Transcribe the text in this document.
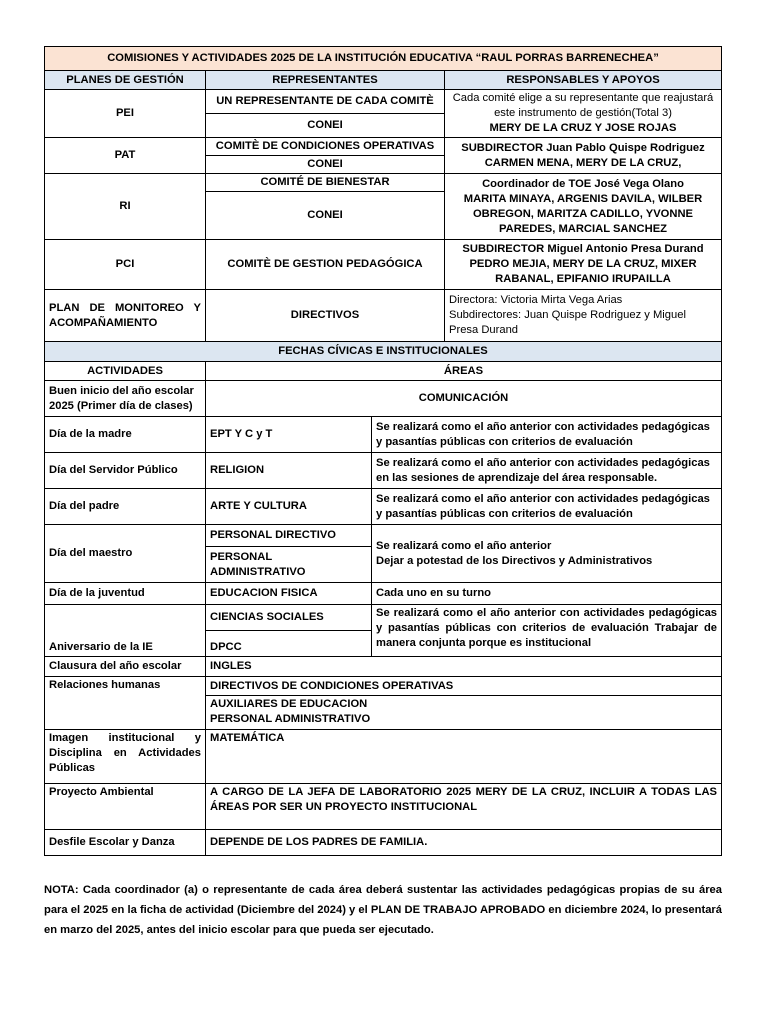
COMISIONES Y ACTIVIDADES 2025 DE LA INSTITUCIÓN EDUCATIVA “RAUL PORRAS BARRENECHEA”			
PLANES DE GESTIÓN	REPRESENTANTES		RESPONSABLES Y APOYOS
PEI	UN REPRESENTANTE DE CADA COMITÈ		Cada comité elige a su representante que reajustará este instrumento de gestión(Total 3)
MERY DE LA CRUZ Y JOSE ROJAS

	CONEI		
PAT	COMITÈ DE CONDICIONES OPERATIVAS		SUBDIRECTOR Juan Pablo Quispe Rodriguez
CARMEN MENA, MERY DE LA CRUZ,

	CONEI		
RI	COMITÉ DE BIENESTAR		Coordinador de TOE José Vega Olano
MARITA MINAYA, ARGENIS DAVILA, WILBER OBREGON, MARITZA CADILLO, YVONNE PAREDES, MARCIAL SANCHEZ

	CONEI		
PCI	COMITÈ DE GESTION PEDAGÓGICA		SUBDIRECTOR Miguel Antonio Presa Durand
PEDRO MEJIA, MERY DE LA CRUZ, MIXER RABANAL, EPIFANIO IRUPAILLA

PLAN DE MONITOREO Y ACOMPAÑAMIENTO	DIRECTIVOS		Directora: Victoria Mirta Vega Arias
Subdirectores: Juan Quispe Rodriguez y Miguel Presa Durand

FECHAS CÍVICAS E INSTITUCIONALES			
ACTIVIDADES	ÁREAS		
Buen inicio del año escolar 2025 (Primer día de clases)	COMUNICACIÓN		
Día de la madre	EPT Y C y T	Se realizará como el año anterior con actividades pedagógicas y pasantías públicas con criterios de evaluación	
Día del Servidor Público	RELIGION	Se realizará como el año anterior con actividades pedagógicas en las sesiones de aprendizaje del área responsable.	
Día del padre	ARTE Y CULTURA	Se realizará como el año anterior con actividades pedagógicas y pasantías públicas con criterios de evaluación	
Día del maestro	PERSONAL DIRECTIVO	Se realizará como el año anterior
Dejar a potestad de los Directivos y Administrativos	

	PERSONAL ADMINISTRATIVO		
Día de la juventud	EDUCACION FISICA	Cada uno en su turno	
Aniversario de la IE	CIENCIAS SOCIALES	Se realizará como el año anterior con actividades pedagógicas y pasantías públicas con criterios de evaluación Trabajar de manera conjunta porque es institucional	
	DPCC		
Clausura del año escolar	INGLES		
Relaciones humanas	DIRECTIVOS DE CONDICIONES OPERATIVAS		

	AUXILIARES DE EDUCACION
PERSONAL ADMINISTRATIVO		

Imagen institucional y Disciplina en Actividades Públicas	MATEMÁTICA		
Proyecto Ambiental	A CARGO DE LA JEFA DE LABORATORIO 2025 MERY DE LA CRUZ, INCLUIR A TODAS LAS ÁREAS POR SER UN PROYECTO INSTITUCIONAL		
Desfile Escolar y Danza	DEPENDE DE LOS PADRES DE FAMILIA.		

NOTA: Cada coordinador (a) o representante de cada área deberá sustentar las actividades pedagógicas propias de su área para el 2025 en la ficha de actividad (Diciembre del 2024) y el PLAN DE TRABAJO APROBADO en diciembre 2024, lo presentará en marzo del 2025, antes del inicio escolar para que pueda ser ejecutado.
